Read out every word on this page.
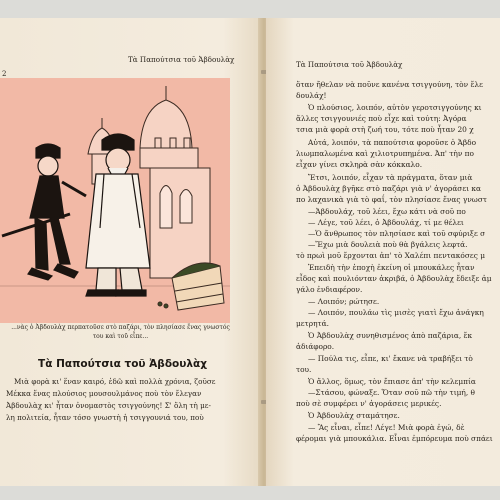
2
Τὰ Παπούτσια τοῦ Ἀβδουλὰχ
...νὰς ὁ Ἀβδουλὰχ περπατοῦσε στὸ παζάρι, τὸν πλησίασε ἕνας γνωστός
του καὶ τοῦ εἶπε...
Τὰ Παπούτσια τοῦ Ἀβδουλὰχ
Μιὰ φορὰ κι' ἕναν καιρό, ἐδῶ καὶ πολλὰ χρόνια, ζοῦσε
Μέκκα ἕνας πλούσιος μουσουλμάνος ποὺ τὸν ἔλεγαν
Ἀβδουλὰχ κι' ἦταν ὀνομαστὸς τσιγγούνης! Σ' ὅλη τὴ με-
λη πολιτεία, ἦταν τόσο γνωστὴ ἡ τσιγγουνιά του, ποὺ
Τὰ Παπούτσια τοῦ Ἀβδουλὰχ
ὅταν ἤθελαν νὰ ποῦνε κανένα τσιγγούνη, τὸν ἔλε
δουλάχ!
Ὁ πλούσιος, λοιπόν, αὐτὸν γεροτσιγγούνης κι
ἄλλες τσιγγουνιές ποὺ εἶχε καὶ τούτη: Ἀγόρα
τσια μιὰ φορὰ στὴ ζωή του, τότε ποὺ ἦταν 20 χ
Αὐτά, λοιπόν, τὰ παπούτσια φοροῦσε ὁ Ἀβδο
λιωμπαλωμένα καὶ χιλιοτρυπημένα. Ἀπ' τὴν πο
εἶχαν γίνει σκληρὰ σὰν κόκκαλο.
Ἔτσι, λοιπόν, εἶχαν τὰ πράγματα, ὅταν μιὰ
ὁ Ἀβδουλὰχ βγῆκε στὸ παζάρι γιὰ ν' ἀγοράσει κα
πο λαχανικὰ γιὰ τὸ φαΐ, τὸν πλησίασε ἕνας γνωστ
—Ἀβδουλάχ, τοῦ λέει, ἔχω κάτι νὰ σοῦ πο
— Λέγε, τοῦ λέει, ὁ Ἀβδουλάχ, τί με θέλει
—Ὁ ἄνθρωπος τὸν πλησίασε καὶ τοῦ σφύριξε σ
—Ἔχω μιὰ δουλειὰ ποὺ θὰ βγάλεις λεφτά.
τὸ πρωὶ μοῦ ἔρχονται ἀπ' τὸ Χαλέπι πεντακόσες μ
Ἐπειδὴ τὴν ἐποχὴ ἐκείνη οἱ μπουκάλες ἦταν
εἶδος καὶ πουλιόνταν ἀκριβά, ὁ Ἀβδουλὰχ ἔδειξε ἀμ
γάλο ἐνδιαφέρον.
— Λοιπόν; ρώτησε.
— Λοιπόν, πουλάω τὶς μισὲς γιατὶ ἔχω ἀνάγκη
μετρητά.
Ὁ Ἀβδουλὰχ συνηθισμένος ἀπὸ παζάρια, ἔκ
ἀδιάφορο.
— Πούλα τις, εἶπε, κι' ἔκανε νὰ τραβήξει τὸ
του.
Ὁ ἄλλος, ὅμως, τὸν ἔπιασε ἀπ' τὴν κελεμπία
—Στάσου, φώναξε. Ὅταν σοῦ πῶ τὴν τιμή, θ
ποὺ σὲ συμφέρει ν' ἀγοράσεις μερικές.
Ὁ Ἀβδουλὰχ σταμάτησε.
— Ἂς εἶναι, εἶπε! Λέγε! Μιὰ φορὰ ἐγώ, δὲ
φέρομαι γιὰ μπουκάλια. Εἶναι ἐμπόρευμα ποὺ σπάει
